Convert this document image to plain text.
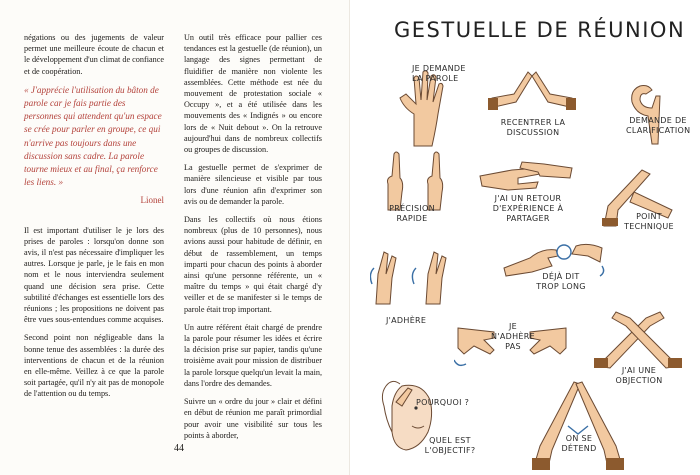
négations ou des jugements de valeur permet une meilleure écoute de chacun et le développement d'un climat de confiance et de coopération.

« J'apprécie l'utilisation du bâton de parole car je fais partie des personnes qui attendent qu'un espace se crée pour parler en groupe, ce qui n'arrive pas toujours dans une discussion sans cadre. La parole tourne mieux et au final, ça renforce les liens. »
Lionel

Il est important d'utiliser le je lors des prises de paroles : lorsqu'on donne son avis, il n'est pas nécessaire d'impliquer les autres. Lorsque je parle, je le fais en mon nom et le nous interviendra seulement quand une décision sera prise. Cette subtilité d'échanges est essentielle lors des réunions ; les propositions ne doivent pas être vues sous-entendues comme acquises.

Second point non négligeable dans la bonne tenue des assemblées : la durée des interventions de chacun et de la réunion en elle-même. Veillez à ce que la parole soit partagée, qu'il n'y ait pas de monopole de l'attention ou du temps.

Un outil très efficace pour pallier ces tendances est la gestuelle (de réunion), un langage des signes permettant de fluidifier de manière non violente les assemblées. Cette méthode est née du mouvement de protestation sociale « Occupy », et a été utilisée dans les mouvements des « Indignés » ou encore lors de « Nuit debout ». On la retrouve aujourd'hui dans de nombreux collectifs ou groupes de discussion.

La gestuelle permet de s'exprimer de manière silencieuse et visible par tous lors d'une réunion afin d'exprimer son avis ou de demander la parole.

Dans les collectifs où nous étions nombreux (plus de 10 personnes), nous avions aussi pour habitude de définir, en début de rassemblement, un temps imparti pour chacun des points à aborder ainsi qu'une personne référente, un « maître du temps » qui était chargé d'y veiller et de se manifester si le temps de parole était trop important.

Un autre référent était chargé de prendre la parole pour résumer les idées et écrire la décision prise sur papier, tandis qu'une troisième avait pour mission de distribuer la parole lorsque quelqu'un levait la main, dans l'ordre des demandes.

Suivre un « ordre du jour » clair et défini en début de réunion me paraît primordial pour avoir une visibilité sur tous les points à aborder,

44
GESTUELLE DE RÉUNION
JE DEMANDE LA PAROLE
RECENTRER LA DISCUSSION
DEMANDE DE CLARIFICATION
PRÉCISION RAPIDE
J'AI UN RETOUR D'EXPÉRIENCE À PARTAGER	POINT TECHNIQUE
J'ADHÈRE
DÉJÀ DIT TROP LONG
JE N'ADHÈRE PAS
J'AI UNE OBJECTION
POURQUOI ?
QUEL EST L'OBJECTIF?
ON SE DÉTEND
